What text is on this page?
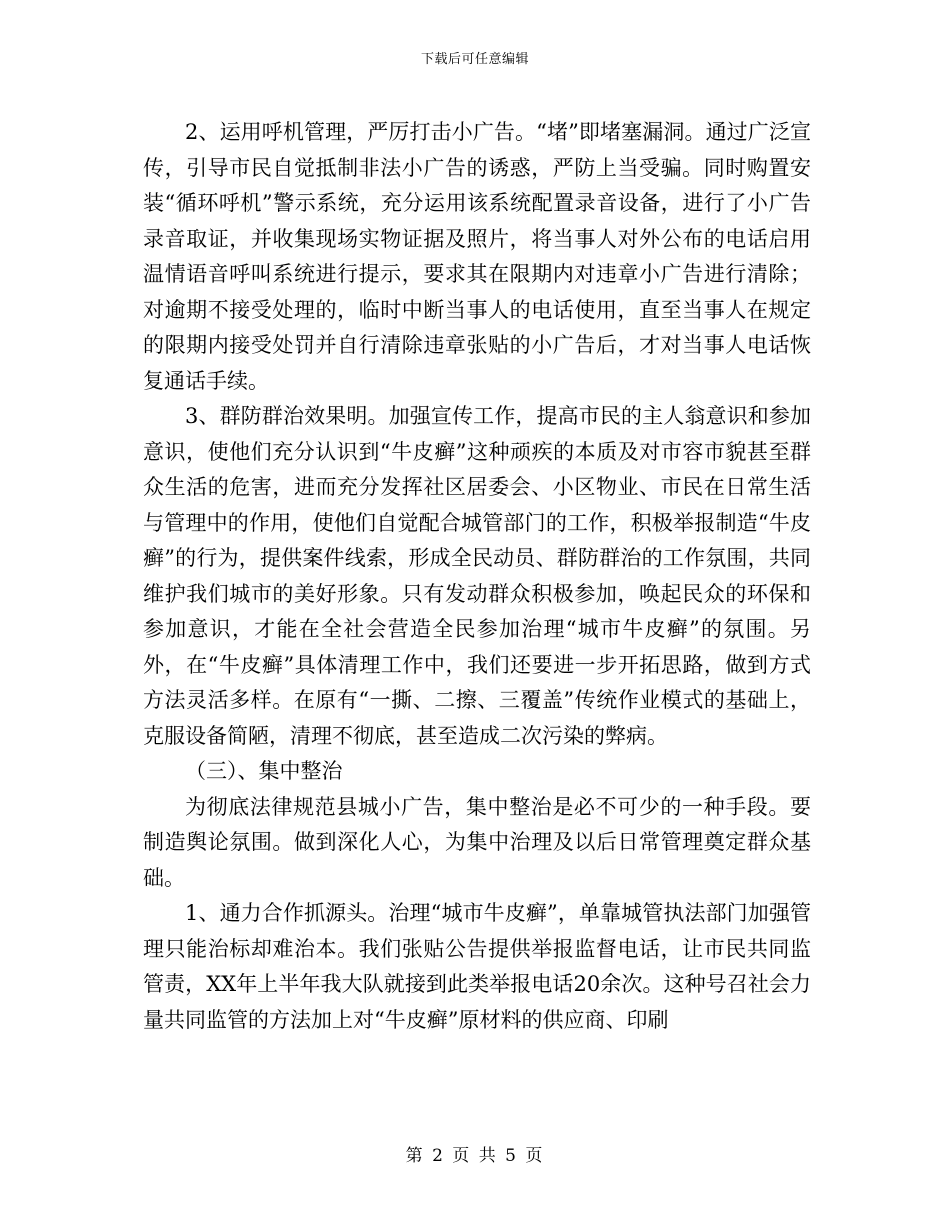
下载后可任意编辑

2、运用呼机管理，严厉打击小广告。“堵”即堵塞漏洞。通过广泛宣传，引导市民自觉抵制非法小广告的诱惑，严防上当受骗。同时购置安装“循环呼机”警示系统，充分运用该系统配置录音设备，进行了小广告录音取证，并收集现场实物证据及照片，将当事人对外公布的电话启用温情语音呼叫系统进行提示，要求其在限期内对违章小广告进行清除；对逾期不接受处理的，临时中断当事人的电话使用，直至当事人在规定的限期内接受处罚并自行清除违章张贴的小广告后，才对当事人电话恢复通话手续。

3、群防群治效果明。加强宣传工作，提高市民的主人翁意识和参加意识，使他们充分认识到“牛皮癣”这种顽疾的本质及对市容市貌甚至群众生活的危害，进而充分发挥社区居委会、小区物业、市民在日常生活与管理中的作用，使他们自觉配合城管部门的工作，积极举报制造“牛皮癣”的行为，提供案件线索，形成全民动员、群防群治的工作氛围，共同维护我们城市的美好形象。只有发动群众积极参加，唤起民众的环保和参加意识，才能在全社会营造全民参加治理“城市牛皮癣”的氛围。另外，在“牛皮癣”具体清理工作中，我们还要进一步开拓思路，做到方式方法灵活多样。在原有“一撕、二擦、三覆盖”传统作业模式的基础上，克服设备简陋，清理不彻底，甚至造成二次污染的弊病。

（三）、集中整治

为彻底法律规范县城小广告，集中整治是必不可少的一种手段。要制造舆论氛围。做到深化人心，为集中治理及以后日常管理奠定群众基础。

1、通力合作抓源头。治理“城市牛皮癣”，单靠城管执法部门加强管理只能治标却难治本。我们张贴公告提供举报监督电话，让市民共同监管责，XX年上半年我大队就接到此类举报电话20余次。这种号召社会力量共同监管的方法加上对“牛皮癣”原材料的供应商、印刷

第 2 页 共 5 页
